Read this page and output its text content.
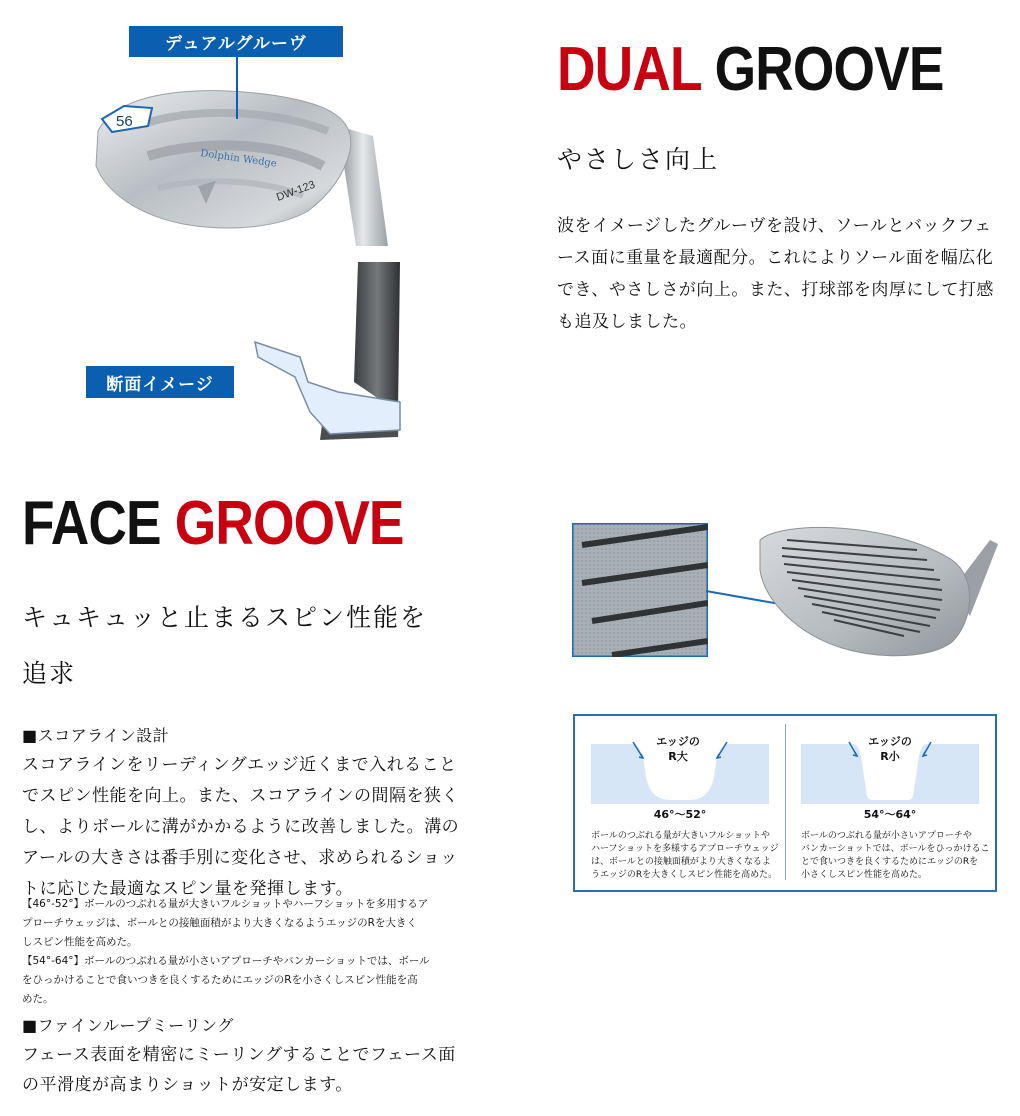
デュアルグルーヴ
56
Dolphin Wedge
DW-123
断面イメージ
DUAL GROOVE
やさしさ向上
波をイメージしたグルーヴを設け、ソールとバックフェ
ース面に重量を最適配分。これによりソール面を幅広化
でき、やさしさが向上。また、打球部を肉厚にして打感
も追及しました。
FACE GROOVE
キュキュッと止まるスピン性能を
追求
■スコアライン設計
スコアラインをリーディングエッジ近くまで入れること
でスピン性能を向上。また、スコアラインの間隔を狭く
し、よりボールに溝がかかるように改善しました。溝の
アールの大きさは番手別に変化させ、求められるショッ
トに応じた最適なスピン量を発揮します。
【46°-52°】ボールのつぶれる量が大きいフルショットやハーフショットを多用するア
プローチウェッジは、ボールとの接触面積がより大きくなるようエッジのRを大きく
しスピン性能を高めた。
【54°-64°】ボールのつぶれる量が小さいアプローチやバンカーショットでは、ボール
をひっかけることで食いつきを良くするためにエッジのRを小さくしスピン性能を高
めた。
■ファインループミーリング
フェース表面を精密にミーリングすることでフェース面
の平滑度が高まりショットが安定します。
エッジの
R大
46°〜52°
ボールのつぶれる量が大きいフルショットや
ハーフショットを多様するアプローチウェッジ
は、ボールとの接触面積がより大きくなるよ
うエッジのRを大きくしスピン性能を高めた。
エッジの
R小
54°〜64°
ボールのつぶれる量が小さいアプローチや
バンカーショットでは、ボールをひっかけるこ
とで食いつきを良くするためにエッジのRを
小さくしスピン性能を高めた。
